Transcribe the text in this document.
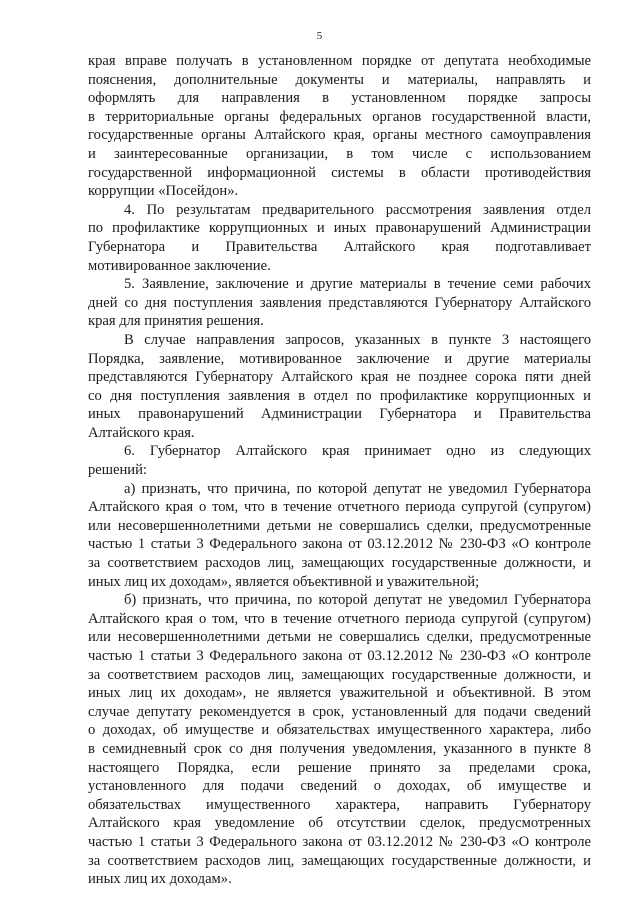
5
края вправе получать в установленном порядке от депутата необходимые
пояснения, дополнительные документы и материалы, направлять и
оформлять для направления в установленном порядке запросы
в территориальные органы федеральных органов государственной власти,
государственные органы Алтайского края, органы местного самоуправления
и заинтересованные организации, в том числе с использованием
государственной информационной системы в области противодействия
коррупции «Посейдон».
4. По результатам предварительного рассмотрения заявления отдел
по профилактике коррупционных и иных правонарушений Администрации
Губернатора и Правительства Алтайского края подготавливает
мотивированное заключение.
5. Заявление, заключение и другие материалы в течение семи рабочих
дней со дня поступления заявления представляются Губернатору Алтайского
края для принятия решения.
В случае направления запросов, указанных в пункте 3 настоящего
Порядка, заявление, мотивированное заключение и другие материалы
представляются Губернатору Алтайского края не позднее сорока пяти дней
со дня поступления заявления в отдел по профилактике коррупционных и
иных правонарушений Администрации Губернатора и Правительства
Алтайского края.
6. Губернатор Алтайского края принимает одно из следующих
решений:
а) признать, что причина, по которой депутат не уведомил Губернатора
Алтайского края о том, что в течение отчетного периода супругой (супругом)
или несовершеннолетними детьми не совершались сделки, предусмотренные
частью 1 статьи 3 Федерального закона от 03.12.2012 № 230-ФЗ «О контроле
за соответствием расходов лиц, замещающих государственные должности, и
иных лиц их доходам», является объективной и уважительной;
б) признать, что причина, по которой депутат не уведомил Губернатора
Алтайского края о том, что в течение отчетного периода супругой (супругом)
или несовершеннолетними детьми не совершались сделки, предусмотренные
частью 1 статьи 3 Федерального закона от 03.12.2012 № 230-ФЗ «О контроле
за соответствием расходов лиц, замещающих государственные должности, и
иных лиц их доходам», не является уважительной и объективной. В этом
случае депутату рекомендуется в срок, установленный для подачи сведений
о доходах, об имуществе и обязательствах имущественного характера, либо
в семидневный срок со дня получения уведомления, указанного в пункте 8
настоящего Порядка, если решение принято за пределами срока,
установленного для подачи сведений о доходах, об имуществе и
обязательствах имущественного характера, направить Губернатору
Алтайского края уведомление об отсутствии сделок, предусмотренных
частью 1 статьи 3 Федерального закона от 03.12.2012 № 230-ФЗ «О контроле
за соответствием расходов лиц, замещающих государственные должности, и
иных лиц их доходам».
